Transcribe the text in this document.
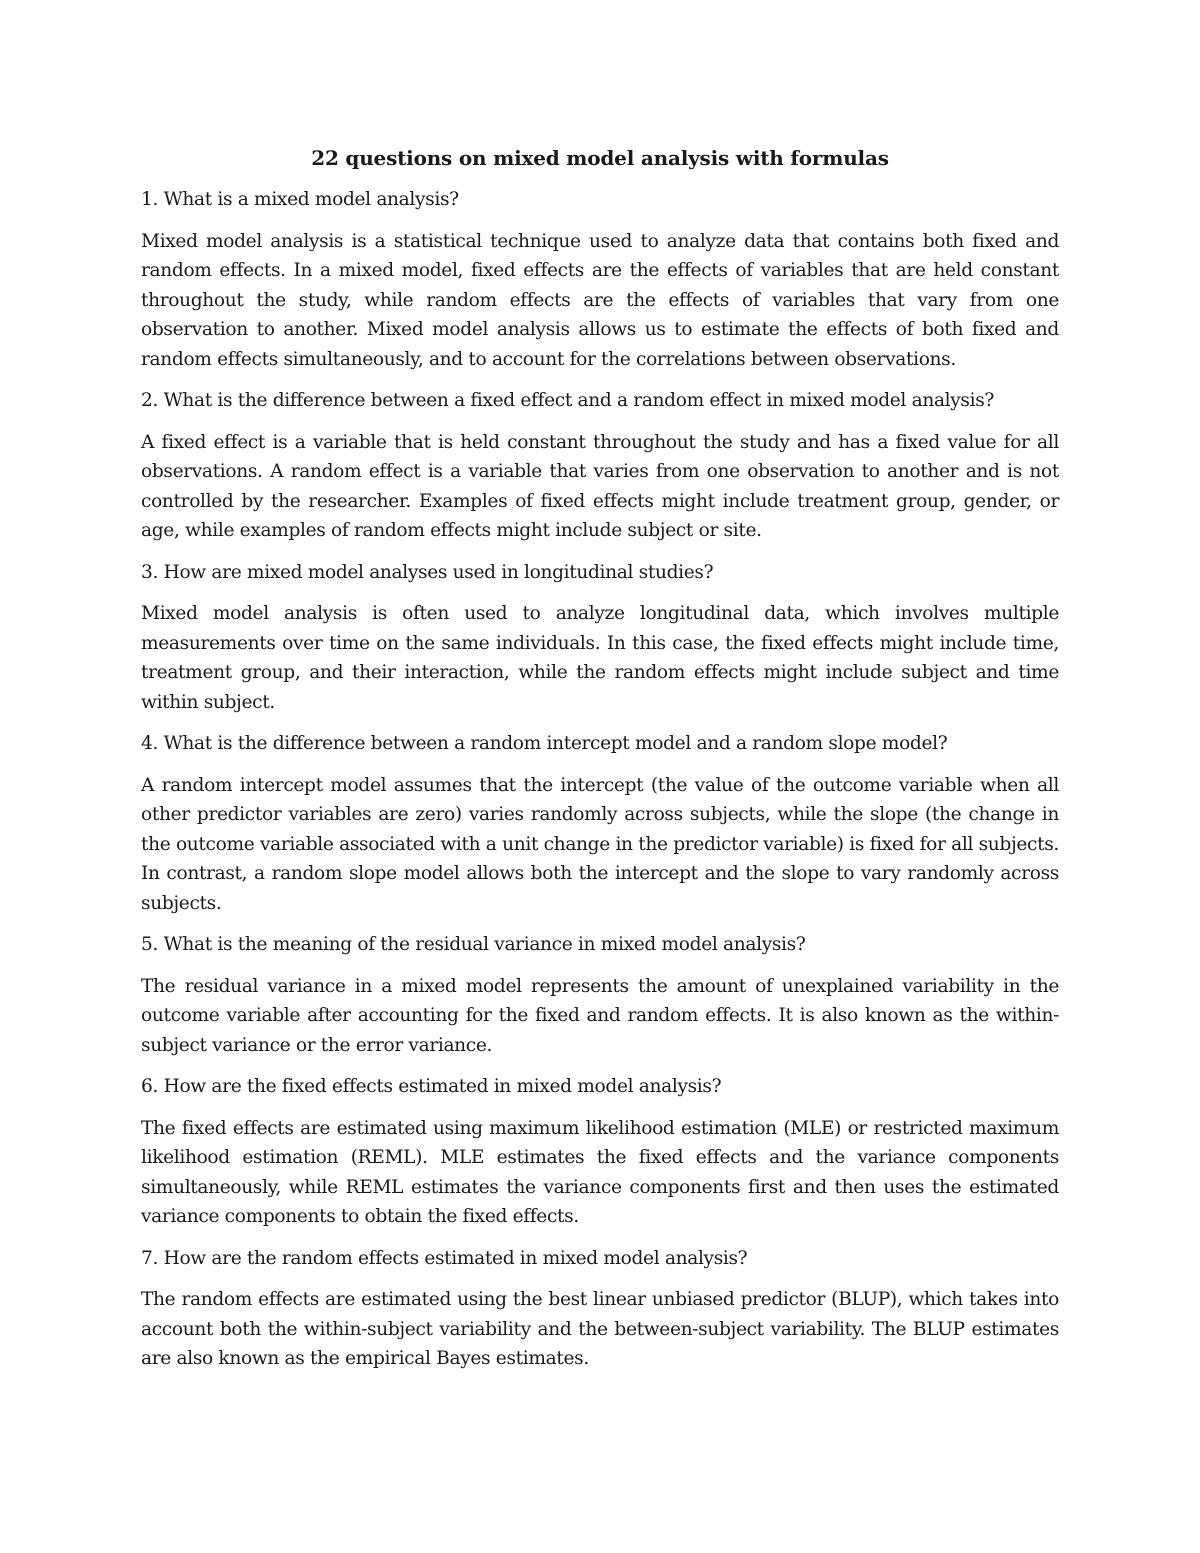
22 questions on mixed model analysis with formulas

1. What is a mixed model analysis?

Mixed model analysis is a statistical technique used to analyze data that contains both fixed and random effects. In a mixed model, fixed effects are the effects of variables that are held constant throughout the study, while random effects are the effects of variables that vary from one observation to another. Mixed model analysis allows us to estimate the effects of both fixed and random effects simultaneously, and to account for the correlations between observations.

2. What is the difference between a fixed effect and a random effect in mixed model analysis?

A fixed effect is a variable that is held constant throughout the study and has a fixed value for all observations. A random effect is a variable that varies from one observation to another and is not controlled by the researcher. Examples of fixed effects might include treatment group, gender, or age, while examples of random effects might include subject or site.

3. How are mixed model analyses used in longitudinal studies?

Mixed model analysis is often used to analyze longitudinal data, which involves multiple measurements over time on the same individuals. In this case, the fixed effects might include time, treatment group, and their interaction, while the random effects might include subject and time within subject.

4. What is the difference between a random intercept model and a random slope model?

A random intercept model assumes that the intercept (the value of the outcome variable when all other predictor variables are zero) varies randomly across subjects, while the slope (the change in the outcome variable associated with a unit change in the predictor variable) is fixed for all subjects. In contrast, a random slope model allows both the intercept and the slope to vary randomly across subjects.

5. What is the meaning of the residual variance in mixed model analysis?

The residual variance in a mixed model represents the amount of unexplained variability in the outcome variable after accounting for the fixed and random effects. It is also known as the within-subject variance or the error variance.

6. How are the fixed effects estimated in mixed model analysis?

The fixed effects are estimated using maximum likelihood estimation (MLE) or restricted maximum likelihood estimation (REML). MLE estimates the fixed effects and the variance components simultaneously, while REML estimates the variance components first and then uses the estimated variance components to obtain the fixed effects.

7. How are the random effects estimated in mixed model analysis?

The random effects are estimated using the best linear unbiased predictor (BLUP), which takes into account both the within-subject variability and the between-subject variability. The BLUP estimates are also known as the empirical Bayes estimates.
